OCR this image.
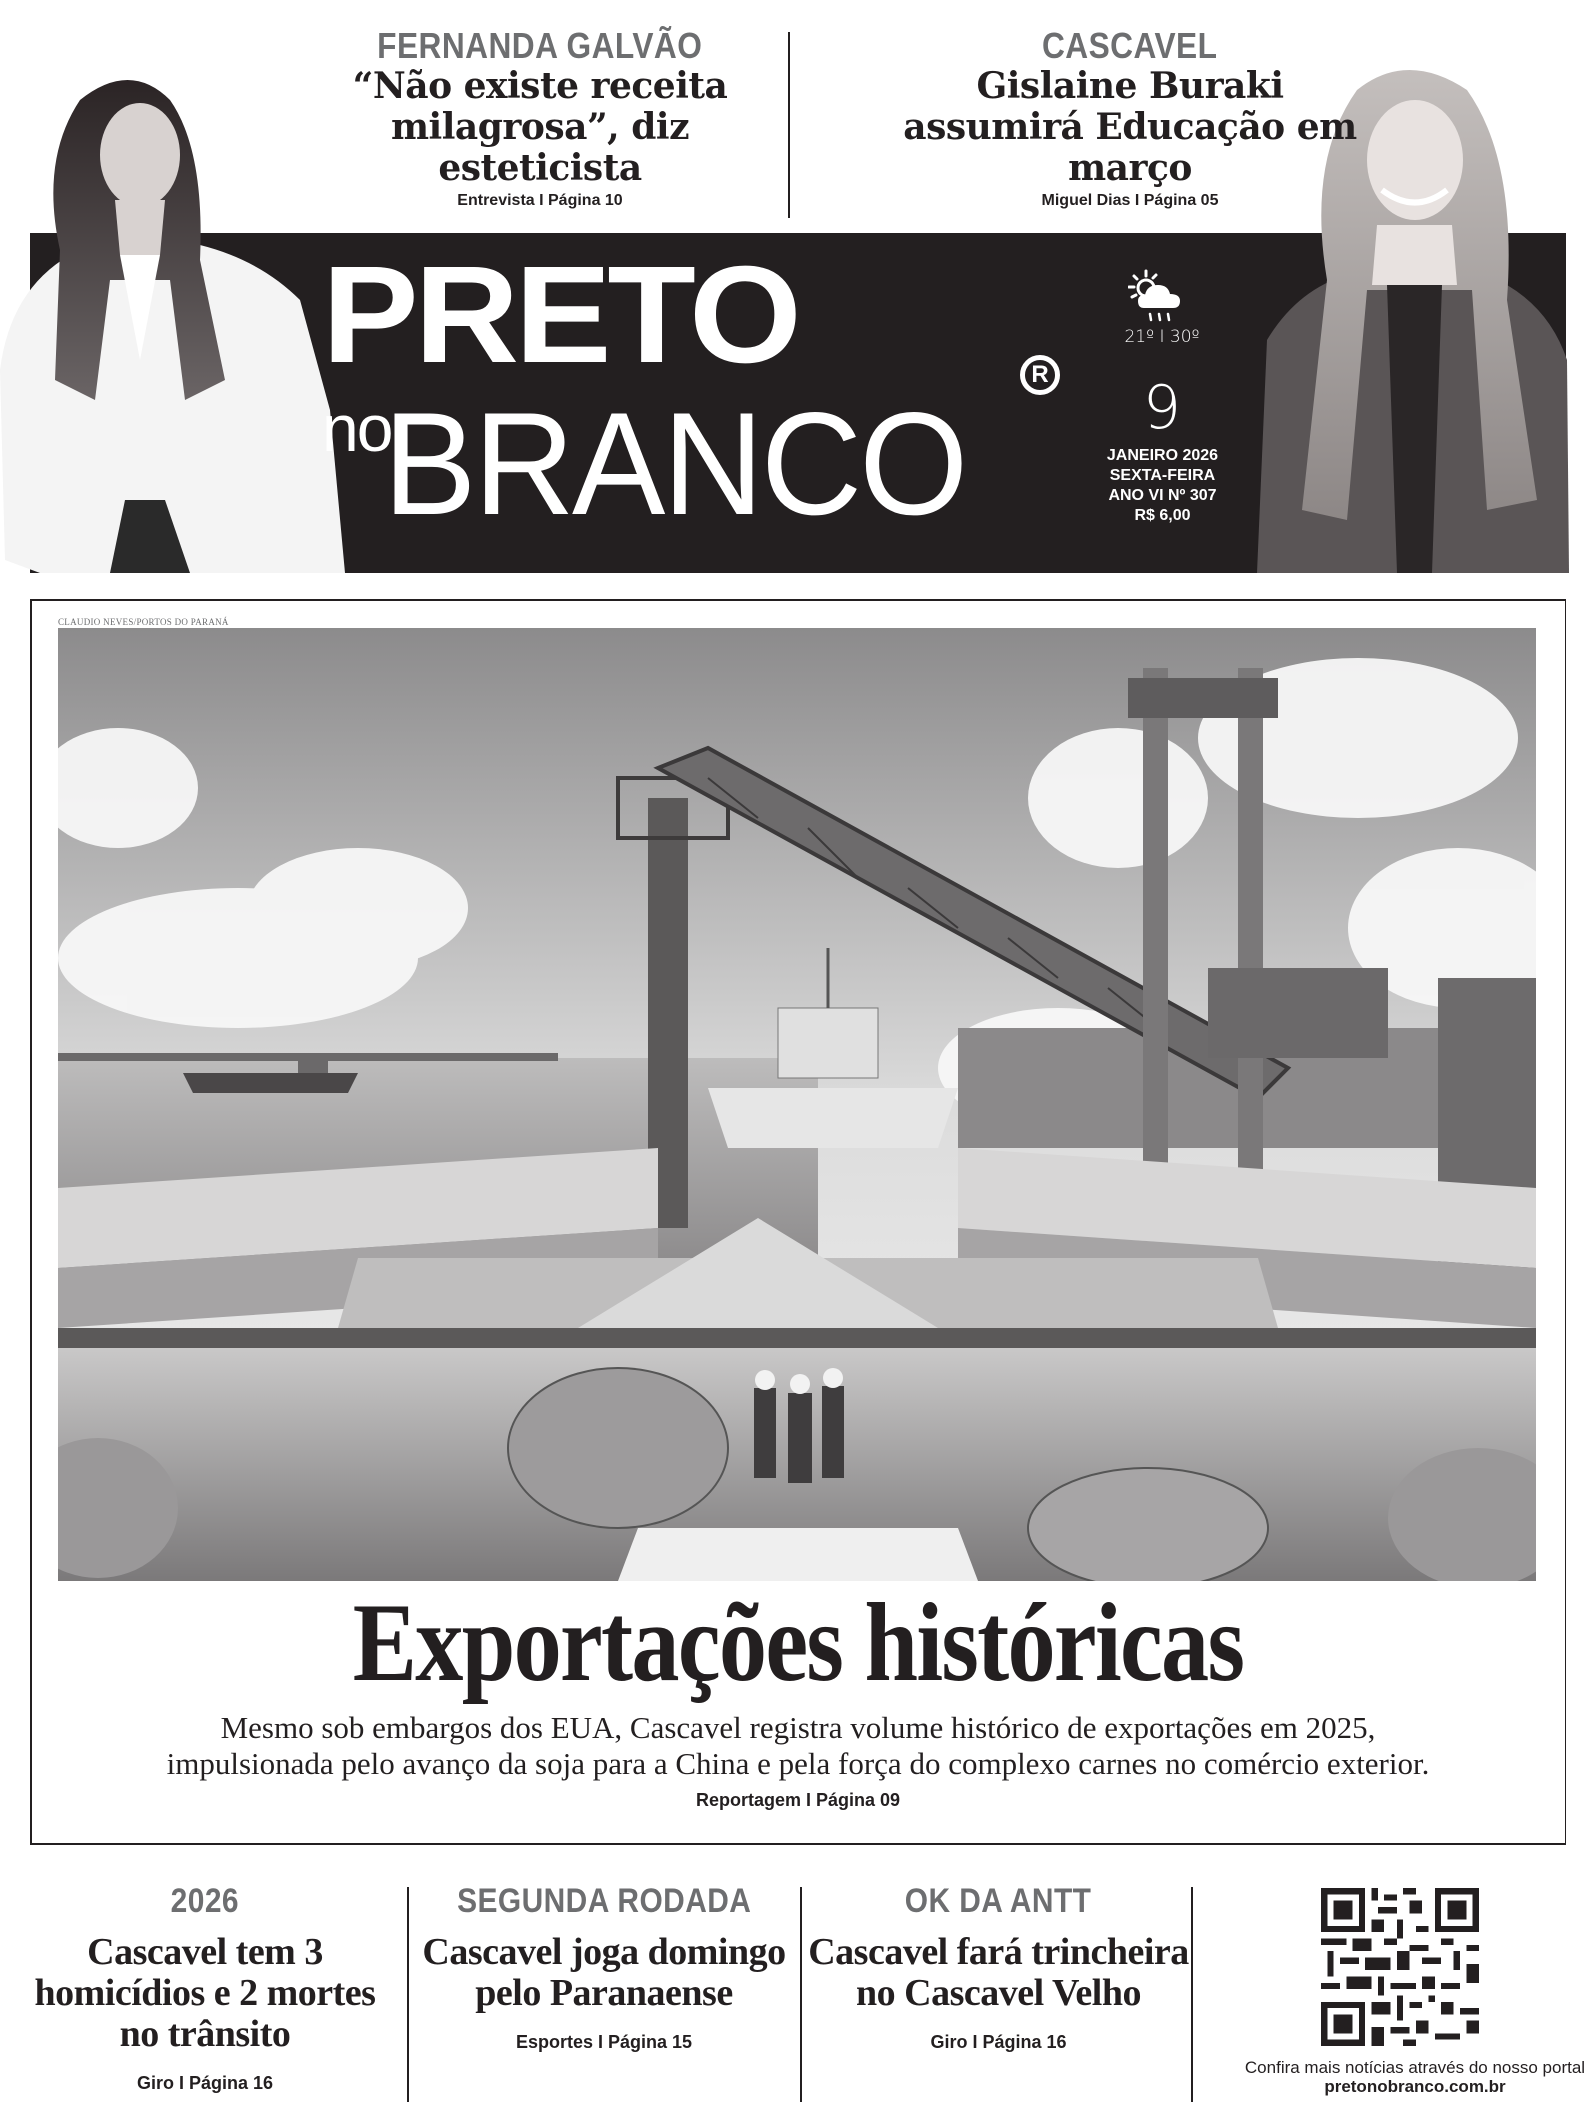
FERNANDA GALVÃO
“Não existe receita milagrosa”, diz esteticista
Entrevista I Página 10
CASCAVEL
Gislaine Buraki assumirá Educação em março
Miguel Dias I Página 05
PRETO
no
BRANCO
R
21º I 30º
9
JANEIRO 2026
SEXTA-FEIRA
ANO VI Nº 307
R$ 6,00
CLAUDIO NEVES/PORTOS DO PARANÁ
Exportações históricas
Mesmo sob embargos dos EUA, Cascavel registra volume histórico de exportações em 2025,
impulsionada pelo avanço da soja para a China e pela força do complexo carnes no comércio exterior.
Reportagem I Página 09
2026
Cascavel tem 3 homicídios e 2 mortes no trânsito
Giro I Página 16
SEGUNDA RODADA
Cascavel joga domingo pelo Paranaense
Esportes I Página 15
OK DA ANTT
Cascavel fará trincheira no Cascavel Velho
Giro I Página 16
Confira mais notícias através do nosso portal pretonobranco.com.br
